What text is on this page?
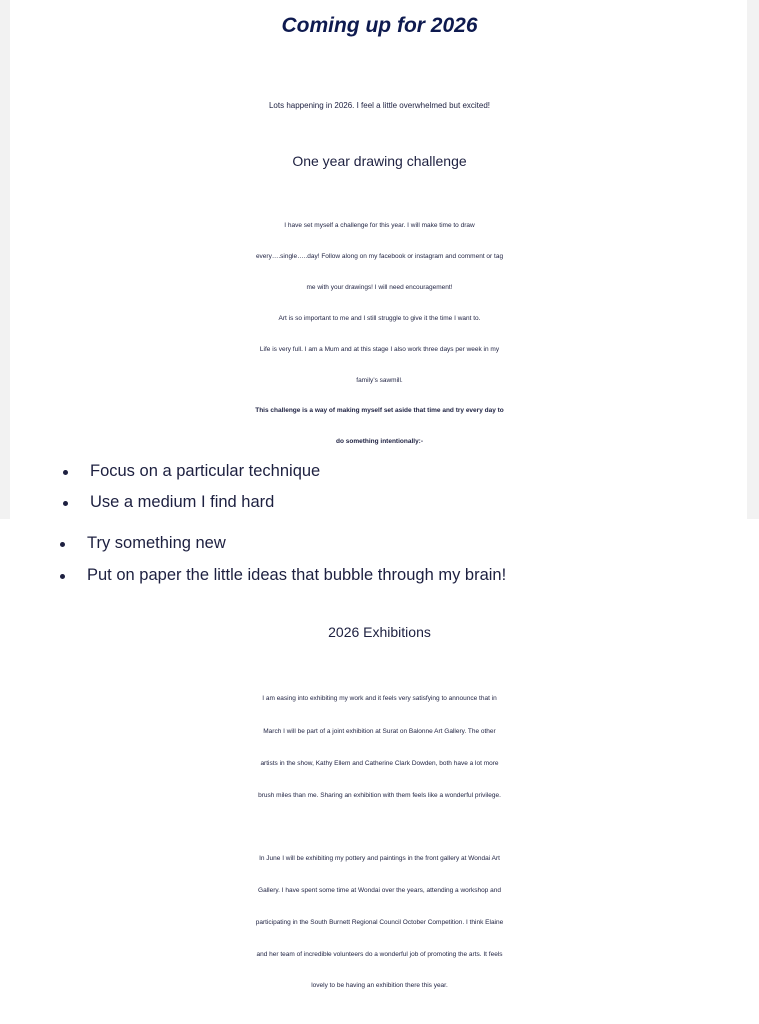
Coming up for 2026
Lots happening in 2026. I feel a little overwhelmed but excited!
One year drawing challenge
I have set myself a challenge for this year. I will make time to draw
every….single…..day! Follow along on my facebook or instagram and comment or tag
me with your drawings! I will need encouragement!
Art is so important to me and I still struggle to give it the time I want to.
Life is very full. I am a Mum and at this stage I also work three days per week in my
family’s sawmill.
This challenge is a way of making myself set aside that time and try every day to
do something intentionally:-
Focus on a particular technique
Use a medium I find hard
Try something new
Put on paper the little ideas that bubble through my brain!
2026 Exhibitions
I am easing into exhibiting my work and it feels very satisfying to announce that in
March I will be part of a joint exhibition at Surat on Balonne Art Gallery. The other
artists in the show, Kathy Ellem and Catherine Clark Dowden, both have a lot more
brush miles than me. Sharing an exhibition with them feels like a wonderful privilege.
In June I will be exhibiting my pottery and paintings in the front gallery at Wondai Art
Gallery. I have spent some time at Wondai over the years, attending a workshop and
participating in the South Burnett Regional Council October Competition. I think Elaine
and her team of incredible volunteers do a wonderful job of promoting the arts. It feels
lovely to be having an exhibition there this year.
